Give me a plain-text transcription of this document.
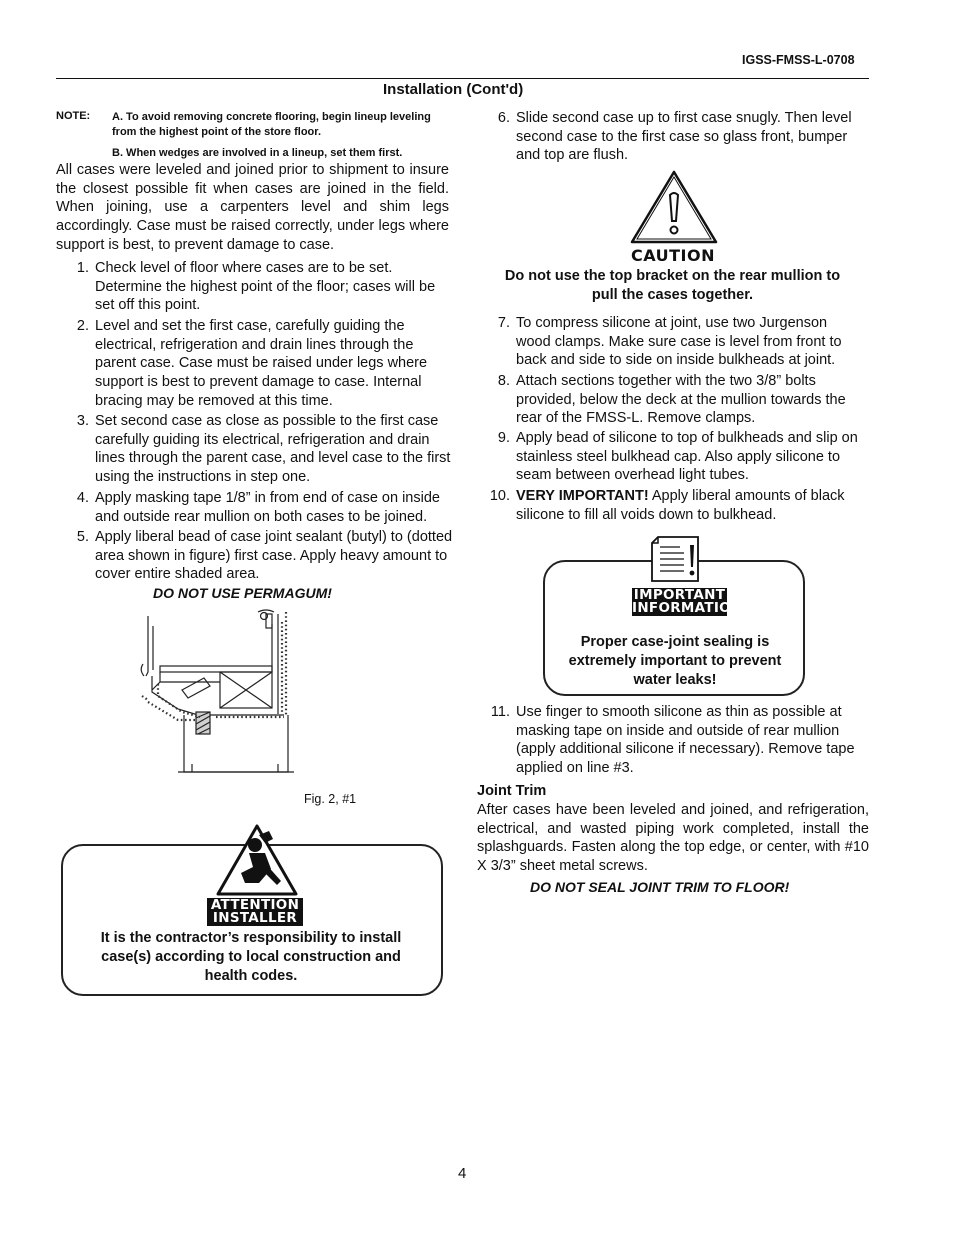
IGSS-FMSS-L-0708
Installation (Cont'd)
NOTE: A. To avoid removing concrete flooring, begin lineup leveling from the highest point of the store floor.
B. When wedges are involved in a lineup, set them first.
All cases were leveled and joined prior to shipment to insure the closest possible fit when cases are joined in the field. When joining, use a carpenters level and shim legs accordingly. Case must be raised correctly, under legs where support is best, to prevent damage to case.
1. Check level of floor where cases are to be set. Determine the highest point of the floor; cases will be set off this point.
2. Level and set the first case, carefully guiding the electrical, refrigeration and drain lines through the parent case. Case must be raised under legs where support is best to prevent damage to case. Internal bracing may be removed at this time.
3. Set second case as close as possible to the first case carefully guiding its electrical, refrigeration and drain lines through the parent case, and level case to the first using the instructions in step one.
4. Apply masking tape 1/8” in from end of case on inside and outside rear mullion on both cases to be joined.
5. Apply liberal bead of case joint sealant (butyl) to (dotted area shown in figure) first case. Apply heavy amount to cover entire shaded area.
DO NOT USE PERMAGUM!
Fig. 2, #1
ATTENTION
INSTALLER
It is the contractor’s responsibility to install case(s) according to local construction and health codes.
6. Slide second case up to first case snugly. Then level second case to the first case so glass front, bumper and top are flush.
CAUTION
Do not use the top bracket on the rear mullion to pull the cases together.
7. To compress silicone at joint, use two Jurgenson wood clamps. Make sure case is level from front to back and side to side on inside bulkheads at joint.
8. Attach sections together with the two 3/8” bolts provided, below the deck at the mullion towards the rear of the FMSS-L. Remove clamps.
9. Apply bead of silicone to top of bulkheads and slip on stainless steel bulkhead cap. Also apply silicone to seam between overhead light tubes.
10. VERY IMPORTANT! Apply liberal amounts of black silicone to fill all voids down to bulkhead.
IMPORTANT
INFORMATION
Proper case-joint sealing is extremely important to prevent water leaks!
11. Use finger to smooth silicone as thin as possible at masking tape on inside and outside of rear mullion (apply additional silicone if necessary). Remove tape applied on line #3.
Joint Trim
After cases have been leveled and joined, and refrigeration, electrical, and wasted piping work completed, install the splashguards. Fasten along the top edge, or center, with #10 X 3/3” sheet metal screws.
DO NOT SEAL JOINT TRIM TO FLOOR!
4
